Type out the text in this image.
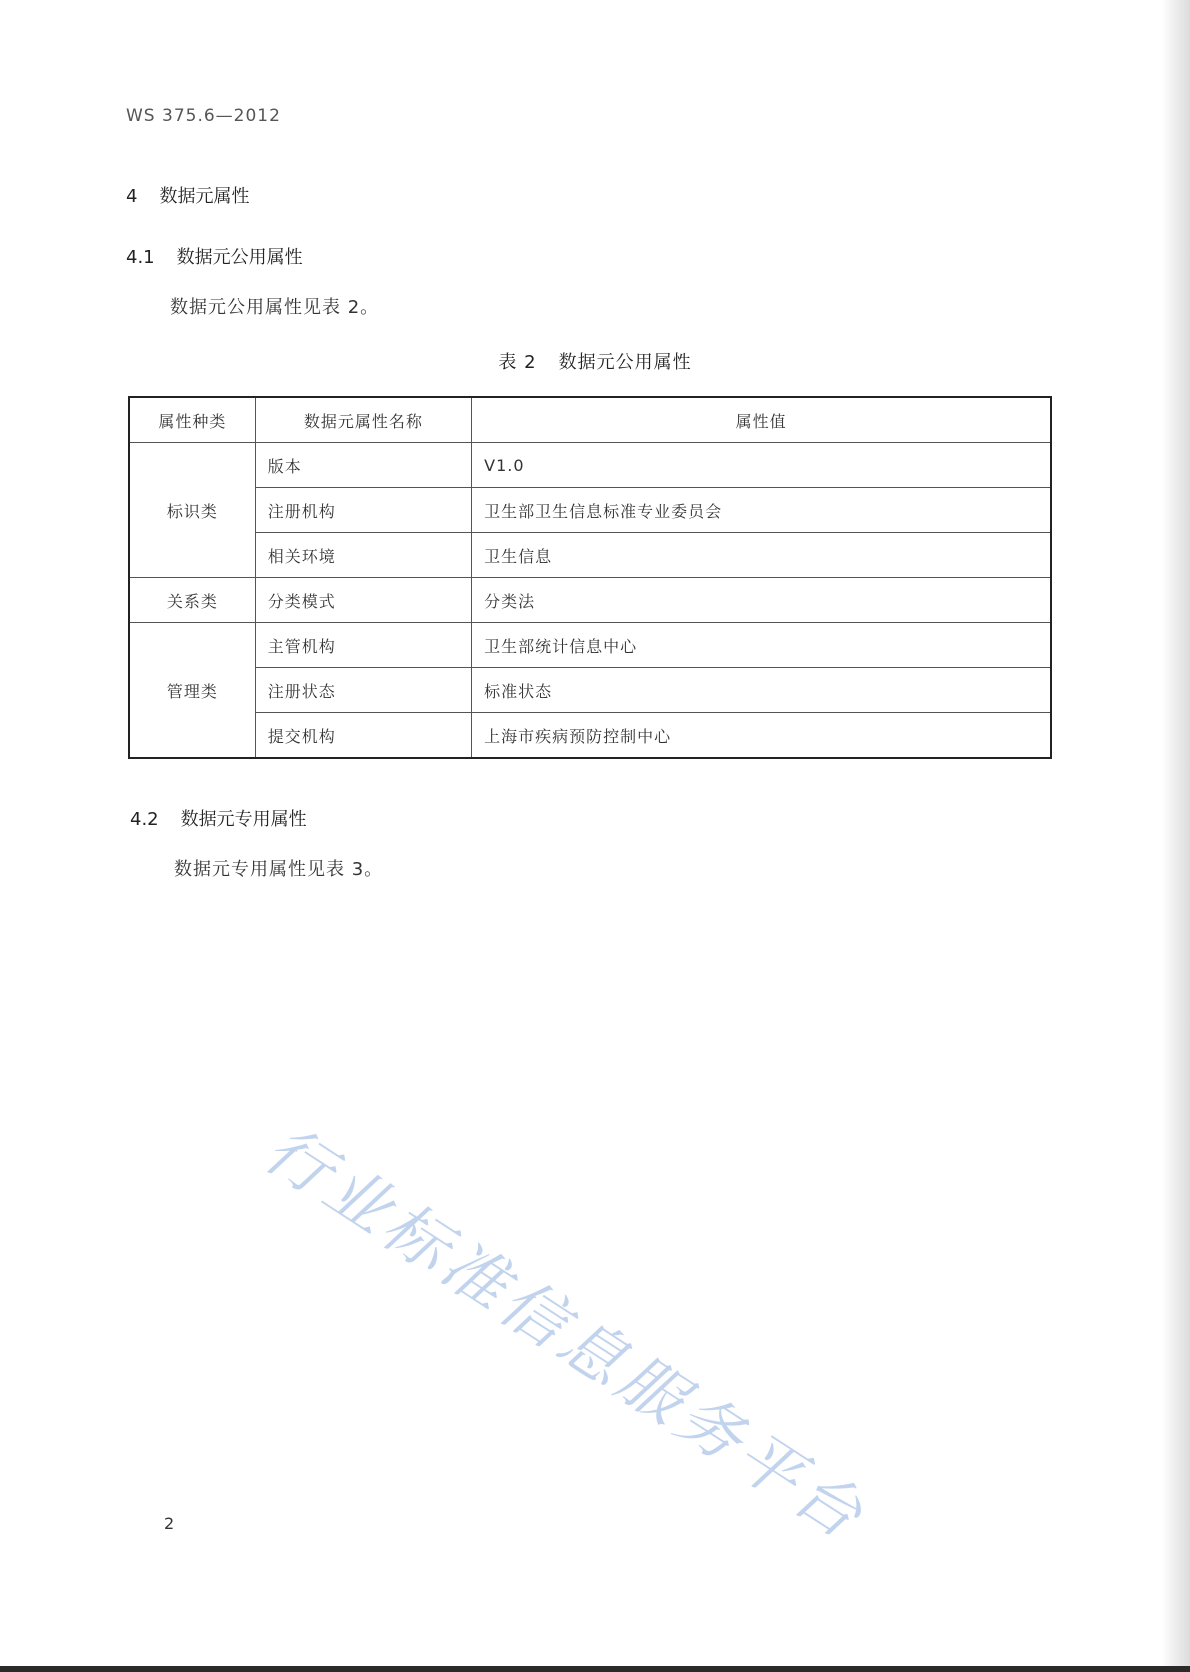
WS 375.6—2012
4 数据元属性
4.1 数据元公用属性
数据元公用属性见表 2。
表 2 数据元公用属性
属性种类	数据元属性名称	属性值
标识类	版本	V1.0
	注册机构	卫生部卫生信息标准专业委员会
	相关环境	卫生信息
关系类	分类模式	分类法
管理类	主管机构	卫生部统计信息中心
	注册状态	标准状态
	提交机构	上海市疾病预防控制中心
4.2 数据元专用属性
数据元专用属性见表 3。
行业标准信息服务平台
2
